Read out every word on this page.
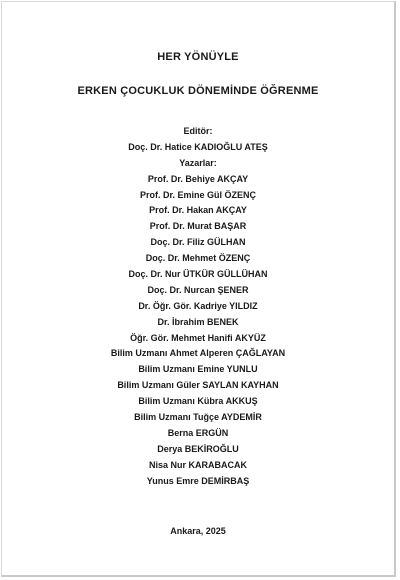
HER YÖNÜYLE

ERKEN ÇOCUKLUK DÖNEMİNDE ÖĞRENME

Editör:

Doç. Dr. Hatice KADIOĞLU ATEŞ

Yazarlar:

Prof. Dr. Behiye AKÇAY

Prof. Dr. Emine Gül ÖZENÇ

Prof. Dr. Hakan AKÇAY

Prof. Dr. Murat BAŞAR

Doç. Dr. Filiz GÜLHAN

Doç. Dr. Mehmet ÖZENÇ

Doç. Dr. Nur ÜTKÜR GÜLLÜHAN

Doç. Dr. Nurcan ŞENER

Dr. Öğr. Gör. Kadriye YILDIZ

Dr. İbrahim BENEK

Öğr. Gör. Mehmet Hanifi AKYÜZ

Bilim Uzmanı Ahmet Alperen ÇAĞLAYAN

Bilim Uzmanı Emine YUNLU

Bilim Uzmanı Güler SAYLAN KAYHAN

Bilim Uzmanı Kübra AKKUŞ

Bilim Uzmanı Tuğçe AYDEMİR

Berna ERGÜN

Derya BEKİROĞLU

Nisa Nur KARABACAK

Yunus Emre DEMİRBAŞ

Ankara, 2025
